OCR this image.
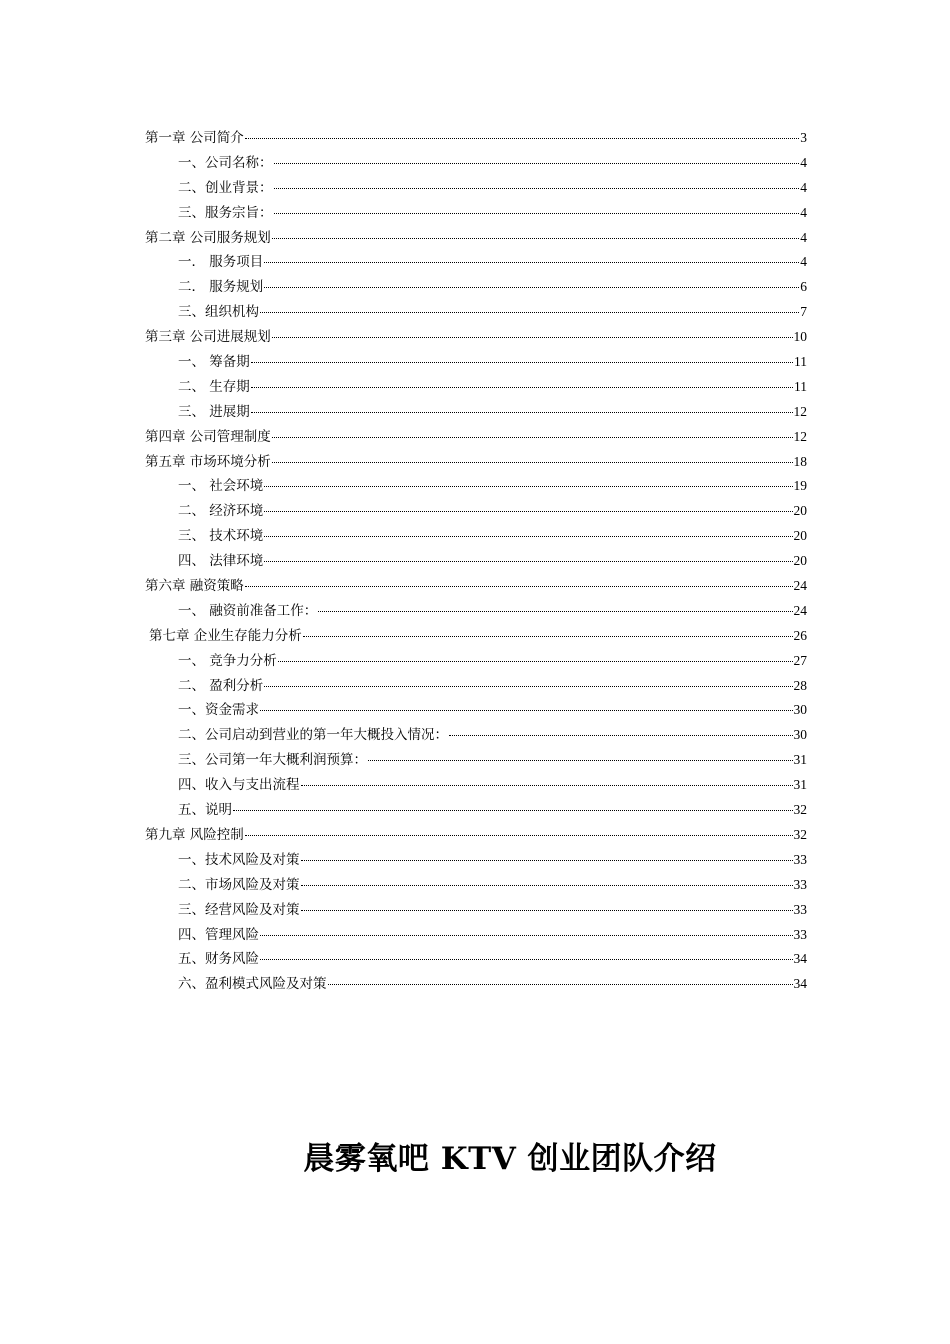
第一章 公司简介	3
一、公司名称：	4
二、创业背景：	4
三、服务宗旨：	4
第二章 公司服务规划	4
一． 服务项目	4
二． 服务规划	6
三、组织机构	7
第三章 公司进展规划	10
一、 筹备期	11
二、 生存期	11
三、 进展期	12
第四章 公司管理制度	12
第五章 市场环境分析	18
一、 社会环境	19
二、 经济环境	20
三、 技术环境	20
四、 法律环境	20
第六章 融资策略	24
一、 融资前准备工作：	24
第七章 企业生存能力分析	26
一、 竞争力分析	27
二、 盈利分析	28
一、资金需求	30
二、公司启动到营业的第一年大概投入情况：	30
三、公司第一年大概利润预算：	31
四、收入与支出流程	31
五、说明	32
第九章 风险控制	32
一、技术风险及对策	33
二、市场风险及对策	33
三、经营风险及对策	33
四、管理风险	33
五、财务风险	34
六、盈利模式风险及对策	34
晨雾氧吧 KTV 创业团队介绍
